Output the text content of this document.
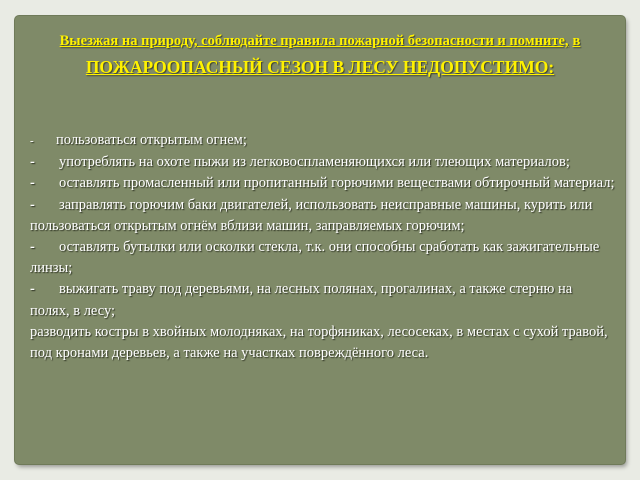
Выезжая на природу, соблюдайте правила пожарной безопасности и помните, в ПОЖАРООПАСНЫЙ СЕЗОН В ЛЕСУ НЕДОПУСТИМО:

- пользоваться открытым огнем;

- употреблять на охоте пыжи из легковоспламеняющихся или тлеющих материалов;

- оставлять промасленный или пропитанный горючими веществами обтирочный материал;

- заправлять горючим баки двигателей, использовать неисправные машины, курить или пользоваться открытым огнём вблизи машин, заправляемых горючим;

- оставлять бутылки или осколки стекла, т.к. они способны сработать как зажигательные линзы;

- выжигать траву под деревьями, на лесных полянах, прогалинах, а также стерню на полях, в лесу;

разводить костры в хвойных молодняках, на торфяниках, лесосеках, в местах с сухой травой, под кронами деревьев, а также на участках повреждённого леса.
